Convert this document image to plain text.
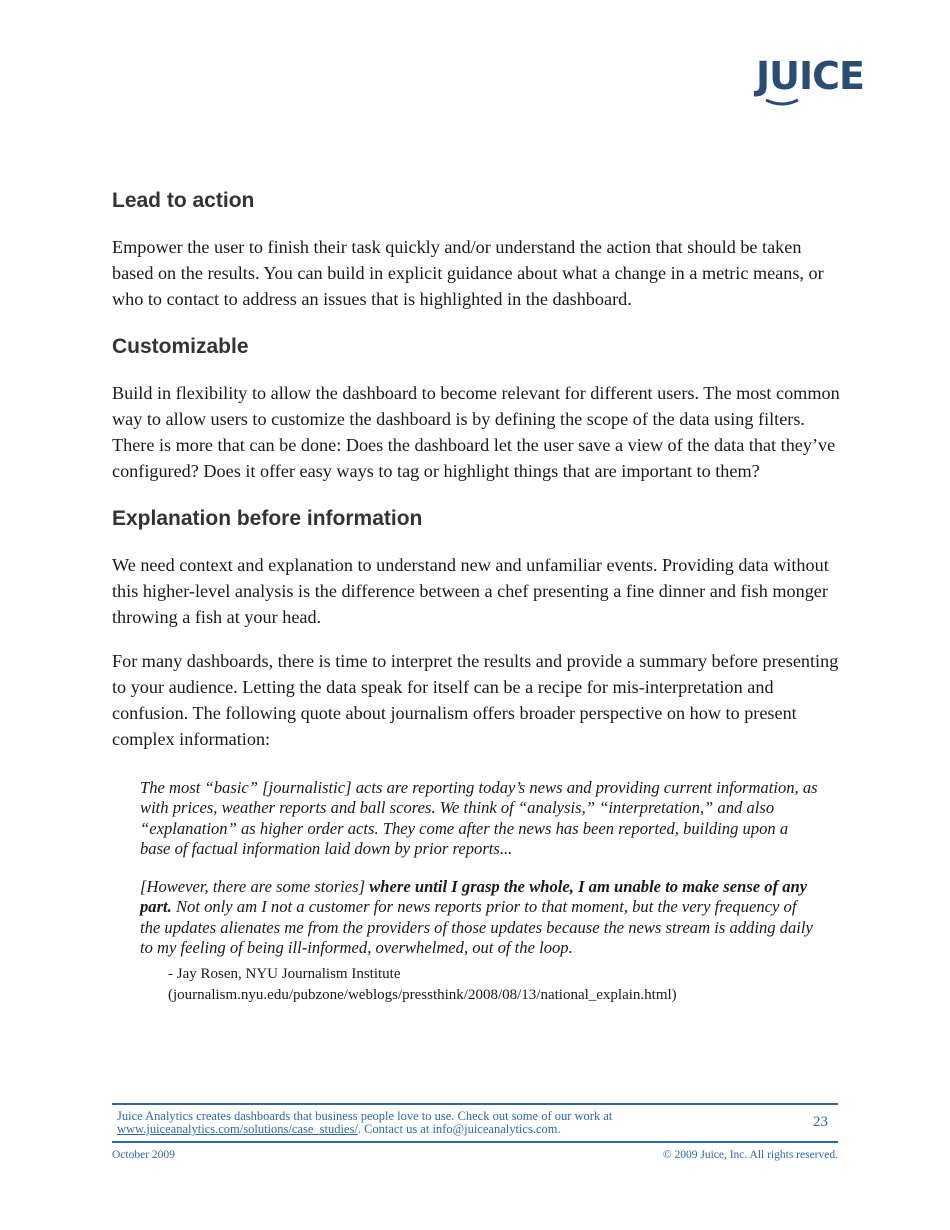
JUICE
Lead to action

Empower the user to finish their task quickly and/or understand the action that should be taken based on the results. You can build in explicit guidance about what a change in a metric means, or who to contact to address an issues that is highlighted in the dashboard.

Customizable

Build in flexibility to allow the dashboard to become relevant for different users. The most common way to allow users to customize the dashboard is by defining the scope of the data using filters. There is more that can be done: Does the dashboard let the user save a view of the data that they’ve configured? Does it offer easy ways to tag or highlight things that are important to them?

Explanation before information

We need context and explanation to understand new and unfamiliar events. Providing data without this higher-level analysis is the difference between a chef presenting a fine dinner and fish monger throwing a fish at your head.

For many dashboards, there is time to interpret the results and provide a summary before presenting to your audience. Letting the data speak for itself can be a recipe for mis-interpretation and confusion. The following quote about journalism offers broader perspective on how to present complex information:

The most “basic” [journalistic] acts are reporting today’s news and providing current information, as with prices, weather reports and ball scores. We think of “analysis,” “interpretation,” and also “explanation” as higher order acts. They come after the news has been reported, building upon a base of factual information laid down by prior reports...

[However, there are some stories] where until I grasp the whole, I am unable to make sense of any part. Not only am I not a customer for news reports prior to that moment, but the very frequency of the updates alienates me from the providers of those updates because the news stream is adding daily to my feeling of being ill-informed, overwhelmed, out of the loop.

- Jay Rosen, NYU Journalism Institute (journalism.nyu.edu/pubzone/weblogs/pressthink/2008/08/13/national_explain.html)
Juice Analytics creates dashboards that business people love to use. Check out some of our work at www.juiceanalytics.com/solutions/case_studies/. Contact us at info@juiceanalytics.com.	23
October 2009	© 2009 Juice, Inc. All rights reserved.
